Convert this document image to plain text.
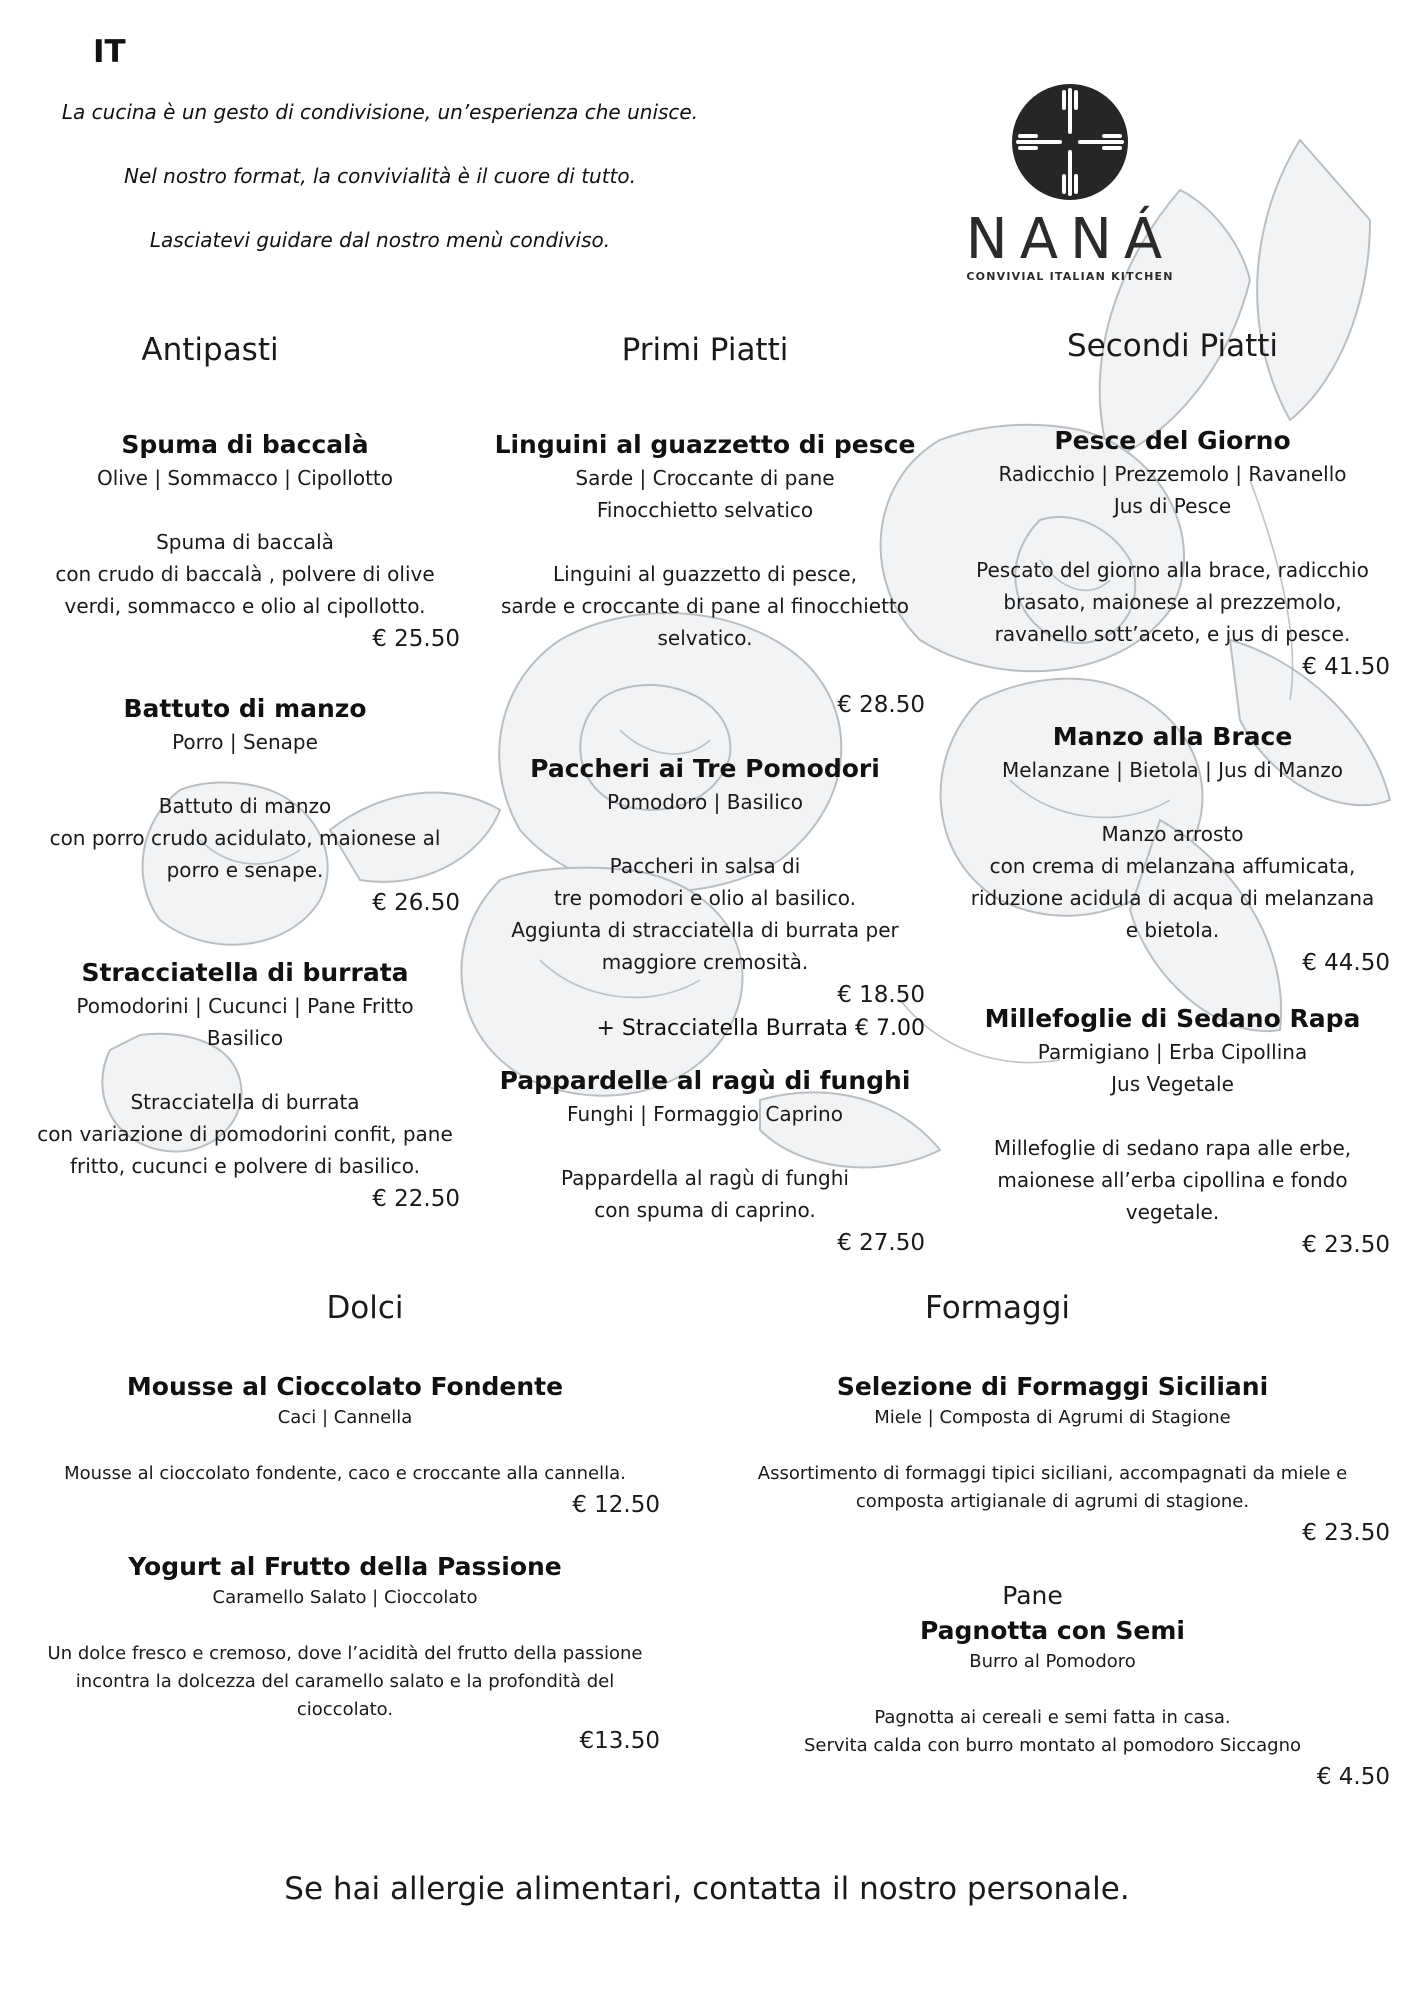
IT

La cucina è un gesto di condivisione, un’esperienza che unisce.

Nel nostro format, la convivialità è il cuore di tutto.

Lasciatevi guidare dal nostro menù condiviso.	NANÁ
CONVIVIAL ITALIAN KITCHEN
Antipasti

Spuma di baccalà

Olive | Sommacco | Cipollotto

Spuma di baccalà
con crudo di baccalà , polvere di olive
verdi, sommacco e olio al cipollotto.

€ 25.50

Battuto di manzo

Porro | Senape

Battuto di manzo
con porro crudo acidulato, maionese al
porro e senape.

€ 26.50

Stracciatella di burrata

Pomodorini | Cucunci | Pane Fritto
Basilico

Stracciatella di burrata
con variazione di pomodorini confit, pane
fritto, cucunci e polvere di basilico.

€ 22.50

Primi Piatti

Linguini al guazzetto di pesce

Sarde | Croccante di pane
Finocchietto selvatico

Linguini al guazzetto di pesce,
sarde e croccante di pane al finocchietto
selvatico.

€ 28.50

Paccheri ai Tre Pomodori

Pomodoro | Basilico

Paccheri in salsa di
tre pomodori e olio al basilico.
Aggiunta di stracciatella di burrata per
maggiore cremosità.

€ 18.50

+ Stracciatella Burrata € 7.00

Pappardelle al ragù di funghi

Funghi | Formaggio Caprino

Pappardella al ragù di funghi
con spuma di caprino.

€ 27.50

Secondi Piatti

Pesce del Giorno

Radicchio | Prezzemolo | Ravanello
Jus di Pesce

Pescato del giorno alla brace, radicchio
brasato, maionese al prezzemolo,
ravanello sott’aceto, e jus di pesce.

€ 41.50

Manzo alla Brace

Melanzane | Bietola | Jus di Manzo

Manzo arrosto
con crema di melanzana affumicata,
riduzione acidula di acqua di melanzana
e bietola.

€ 44.50

Millefoglie di Sedano Rapa

Parmigiano | Erba Cipollina
Jus Vegetale

Millefoglie di sedano rapa alle erbe,
maionese all’erba cipollina e fondo
vegetale.

€ 23.50

Dolci

Mousse al Cioccolato Fondente

Caci | Cannella

Mousse al cioccolato fondente, caco e croccante alla cannella.

€ 12.50

Yogurt al Frutto della Passione

Caramello Salato | Cioccolato

Un dolce fresco e cremoso, dove l’acidità del frutto della passione
incontra la dolcezza del caramello salato e la profondità del
cioccolato.

€13.50

Formaggi

Selezione di Formaggi Siciliani

Miele | Composta di Agrumi di Stagione

Assortimento di formaggi tipici siciliani, accompagnati da miele e
composta artigianale di agrumi di stagione.

€ 23.50

Pane

Pagnotta con Semi

Burro al Pomodoro

Pagnotta ai cereali e semi fatta in casa.
Servita calda con burro montato al pomodoro Siccagno

€ 4.50

Se hai allergie alimentari, contatta il nostro personale.
